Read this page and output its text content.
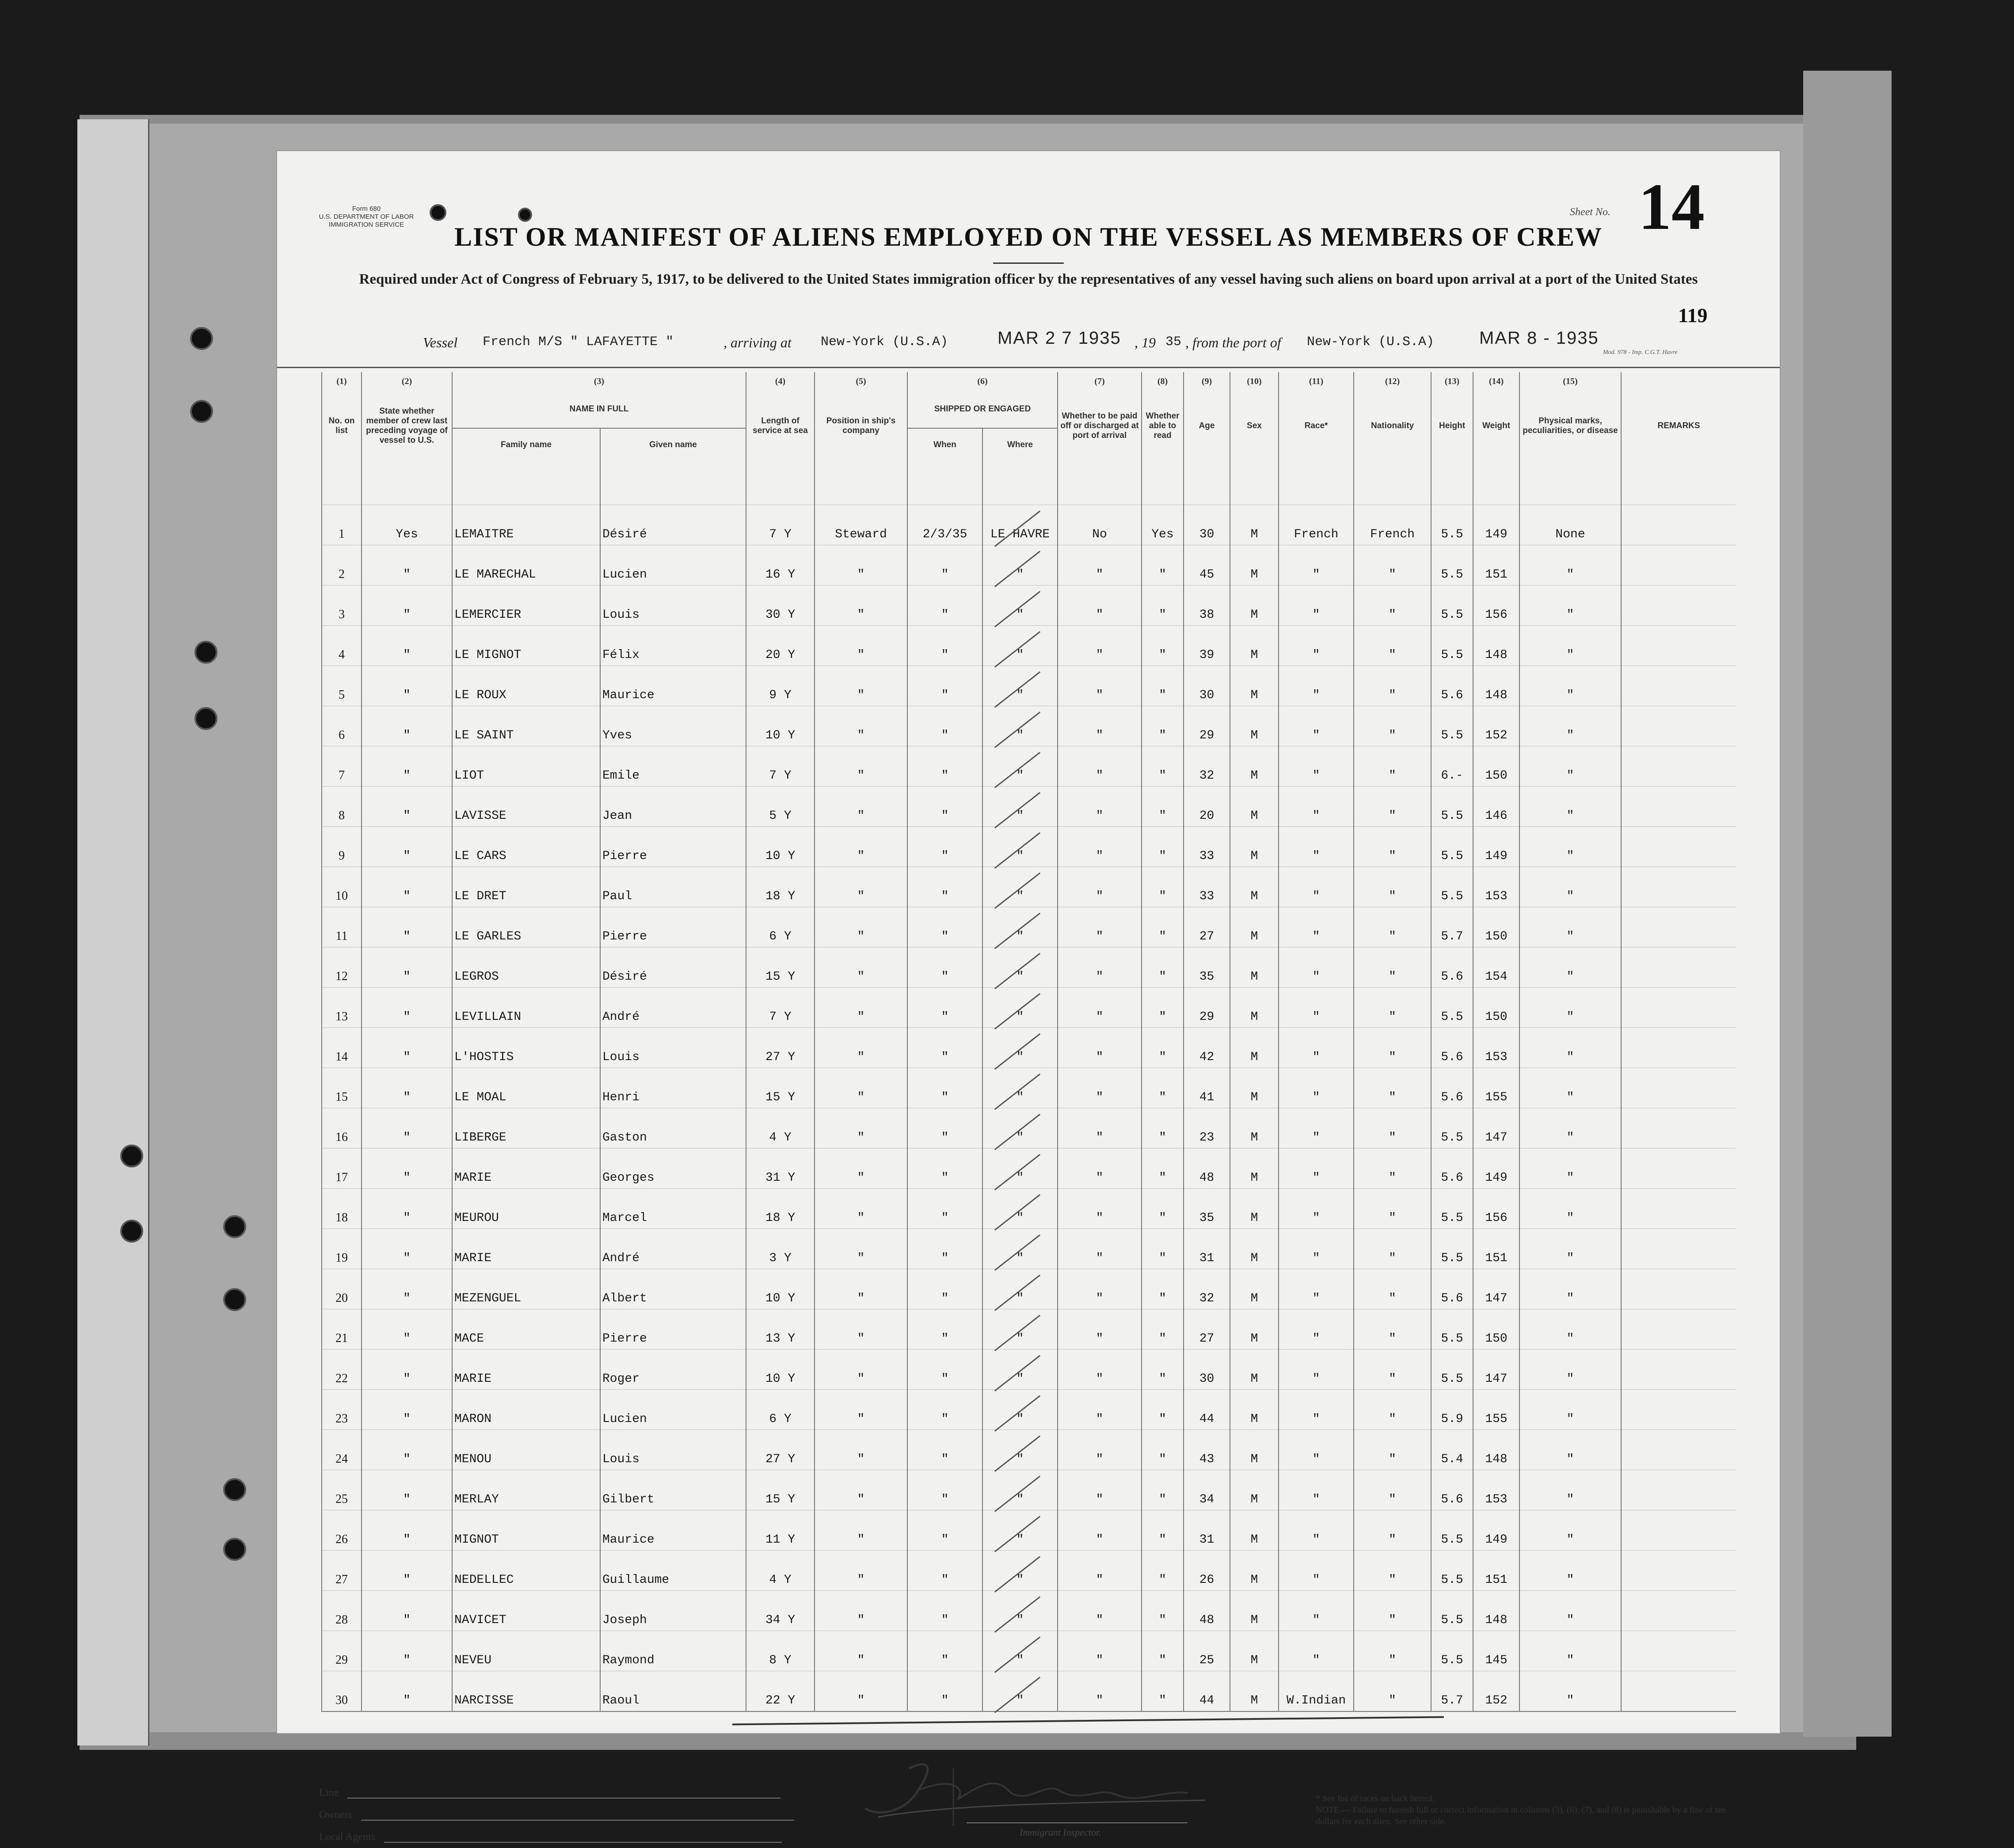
Form 680
U.S. DEPARTMENT OF LABOR
IMMIGRATION SERVICE
Sheet No. 14
LIST OR MANIFEST OF ALIENS EMPLOYED ON THE VESSEL AS MEMBERS OF CREW
Required under Act of Congress of February 5, 1917, to be delivered to the United States immigration officer by the representatives of any vessel having such aliens on board upon arrival at a port of the United States
119
Vessel French M/S " LAFAYETTE "	, arriving at New-York (U.S.A)	MAR 2 7 1935 , 19 35 , from the port of New-York (U.S.A)	MAR 8 - 1935
Mod. 978 - Imp. C.G.T. Havre
(1)	(2)	(3)		(4)	(5)	(6)		(7)	(8)	(9)	(10)	(11)	(12)	(13)	(14)	(15)	
No. on list	State whether member of crew last preceding voyage of vessel to U.S.	NAME IN FULL		Length of service at sea	Position in ship's company	SHIPPED OR ENGAGED		Whether to be paid off or discharged at port of arrival	Whether able to read	Age	Sex	Race*	Nationality	Height	Weight	Physical marks, peculiarities, or disease	REMARKS
		Family name	Given name			When	Where										

1	Yes	LEMAITRE	Désiré	7 Y	Steward	2/3/35	LE HAVRE	No	Yes	30	M	French	French	5.5	149	None	
2	"	LE MARECHAL	Lucien	16 Y	"	"	"	"	"	45	M	"	"	5.5	151	"	
3	"	LEMERCIER	Louis	30 Y	"	"	"	"	"	38	M	"	"	5.5	156	"	
4	"	LE MIGNOT	Félix	20 Y	"	"	"	"	"	39	M	"	"	5.5	148	"	
5	"	LE ROUX	Maurice	9 Y	"	"	"	"	"	30	M	"	"	5.6	148	"	
6	"	LE SAINT	Yves	10 Y	"	"	"	"	"	29	M	"	"	5.5	152	"	
7	"	LIOT	Emile	7 Y	"	"	"	"	"	32	M	"	"	6.-	150	"	
8	"	LAVISSE	Jean	5 Y	"	"	"	"	"	20	M	"	"	5.5	146	"	
9	"	LE CARS	Pierre	10 Y	"	"	"	"	"	33	M	"	"	5.5	149	"	
10	"	LE DRET	Paul	18 Y	"	"	"	"	"	33	M	"	"	5.5	153	"	
11	"	LE GARLES	Pierre	6 Y	"	"	"	"	"	27	M	"	"	5.7	150	"	
12	"	LEGROS	Désiré	15 Y	"	"	"	"	"	35	M	"	"	5.6	154	"	
13	"	LEVILLAIN	André	7 Y	"	"	"	"	"	29	M	"	"	5.5	150	"	
14	"	L'HOSTIS	Louis	27 Y	"	"	"	"	"	42	M	"	"	5.6	153	"	
15	"	LE MOAL	Henri	15 Y	"	"	"	"	"	41	M	"	"	5.6	155	"	
16	"	LIBERGE	Gaston	4 Y	"	"	"	"	"	23	M	"	"	5.5	147	"	
17	"	MARIE	Georges	31 Y	"	"	"	"	"	48	M	"	"	5.6	149	"	
18	"	MEUROU	Marcel	18 Y	"	"	"	"	"	35	M	"	"	5.5	156	"	
19	"	MARIE	André	3 Y	"	"	"	"	"	31	M	"	"	5.5	151	"	
20	"	MEZENGUEL	Albert	10 Y	"	"	"	"	"	32	M	"	"	5.6	147	"	
21	"	MACE	Pierre	13 Y	"	"	"	"	"	27	M	"	"	5.5	150	"	
22	"	MARIE	Roger	10 Y	"	"	"	"	"	30	M	"	"	5.5	147	"	
23	"	MARON	Lucien	6 Y	"	"	"	"	"	44	M	"	"	5.9	155	"	
24	"	MENOU	Louis	27 Y	"	"	"	"	"	43	M	"	"	5.4	148	"	
25	"	MERLAY	Gilbert	15 Y	"	"	"	"	"	34	M	"	"	5.6	153	"	
26	"	MIGNOT	Maurice	11 Y	"	"	"	"	"	31	M	"	"	5.5	149	"	
27	"	NEDELLEC	Guillaume	4 Y	"	"	"	"	"	26	M	"	"	5.5	151	"	
28	"	NAVICET	Joseph	34 Y	"	"	"	"	"	48	M	"	"	5.5	148	"	
29	"	NEVEU	Raymond	8 Y	"	"	"	"	"	25	M	"	"	5.5	145	"	
30	"	NARCISSE	Raoul	22 Y	"	"	"	"	"	44	M	W.Indian	"	5.7	152	"	
Line
Owners
Local Agents	Immigrant Inspector.
* See list of races on back hereof.
NOTE.— Failure to furnish full or correct information in columns (3), (6), (7), and (8) is punishable by a fine of ten dollars for each alien. See other side.
